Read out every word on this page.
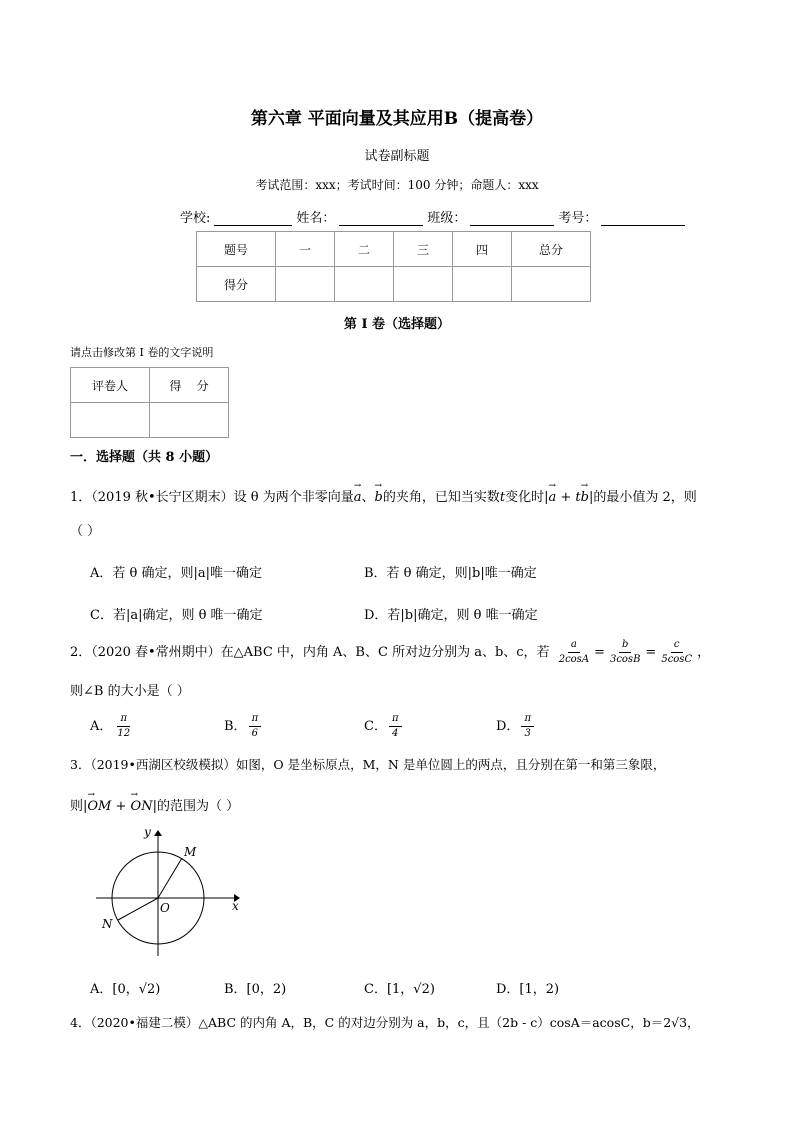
第六章 平面向量及其应用B（提高卷）
试卷副标题
考试范围：xxx；考试时间：100 分钟；命题人：xxx
学校:	姓名：	班级：	考号：
题号	一	二	三	四	总分
得分					
第 I 卷（选择题）
请点击修改第 I 卷的文字说明
评卷人	得    分

一．选择题（共 8 小题）
1．（2019 秋•长宁区期末）设 θ 为两个非零向量→ a、→ b的夹角，已知当实数t变化时|→ a + t→ b|的最小值为 2，则
（ ）
A．若 θ 确定，则|a|唯一确定	B．若 θ 确定，则|b|唯一确定
C．若|a|确定，则 θ 唯一确定	D．若|b|确定，则 θ 唯一确定
2．（2020 春•常州期中）在△ABC 中，内角 A、B、C 所对边分别为 a、b、c，若 $\frac{a}{2\cos A} = \frac{b}{3\cos B} = \frac{c}{5\cos C}$ ，
则∠B 的大小是（ ）
A． $\frac{\pi}{12}$	B． $\frac{\pi}{6}$	C． $\frac{\pi}{4}$	D． $\frac{\pi}{3}$
3．（2019•西湖区校级模拟）如图，O 是坐标原点，M，N 是单位圆上的两点，且分别在第一和第三象限，
则|→ OM + → ON|的范围为（ ）
x
y
M
N
O
A．[0，√2)	B．[0，2)	C．[1，√2)	D．[1，2)
4．（2020•福建二模）△ABC 的内角 A，B，C 的对边分别为 a，b，c，且（2b - c）cosA＝acosC，b＝2√3，
